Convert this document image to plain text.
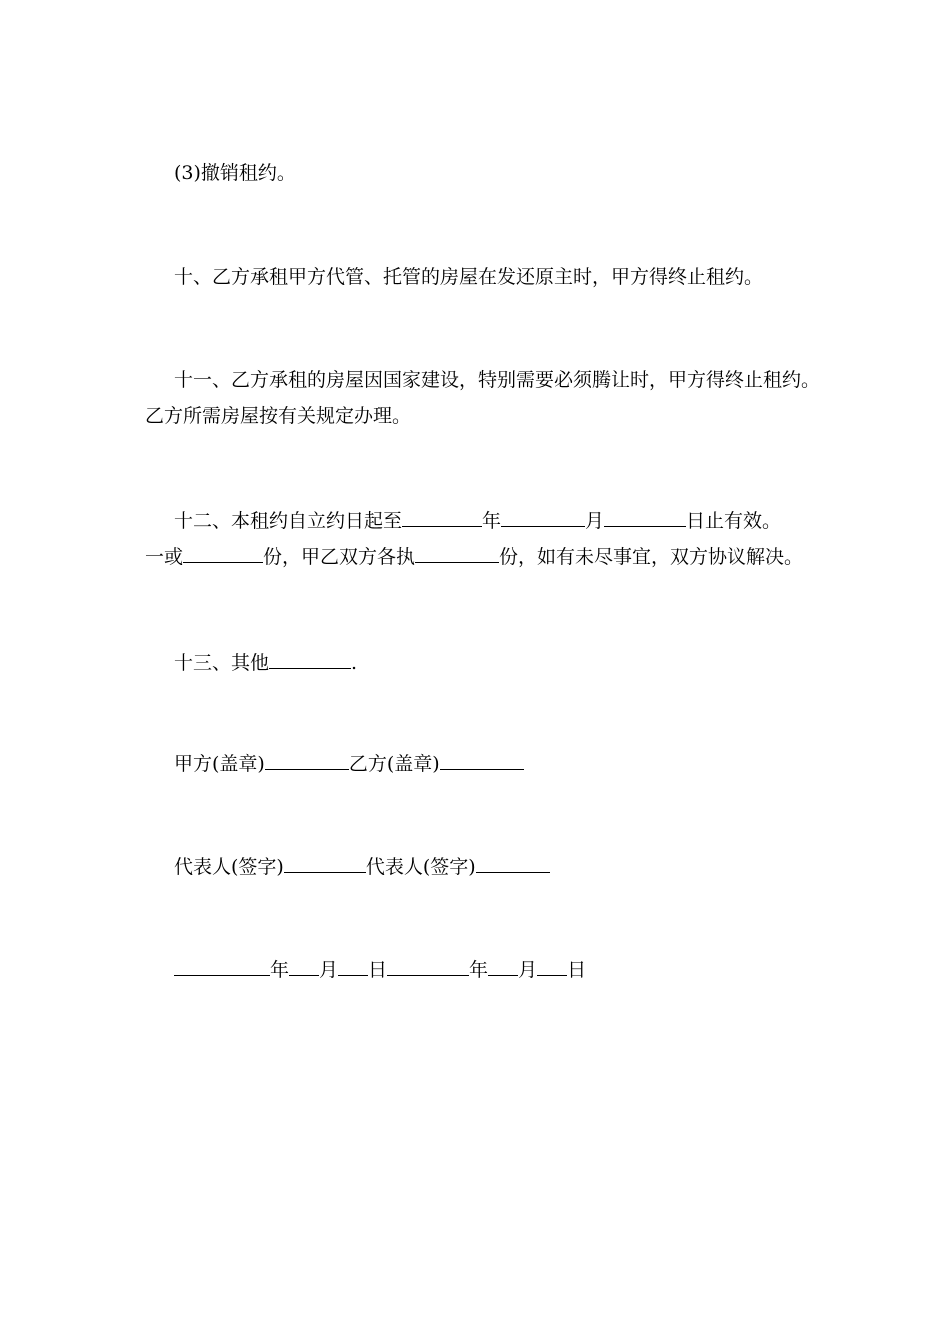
(3)撤销租约。
十、乙方承租甲方代管、托管的房屋在发还原主时，甲方得终止租约。
十一、乙方承租的房屋因国家建设，特别需要必须腾让时，甲方得终止租约。
乙方所需房屋按有关规定办理。
十二、本租约自立约日起至	年	月	日止有效。
一或	份，甲乙双方各执	份，如有未尽事宜，双方协议解决。
十三、其他	.
甲方(盖章)	乙方(盖章)
代表人(签字)	代表人(签字)
年 月 日	年 月 日
